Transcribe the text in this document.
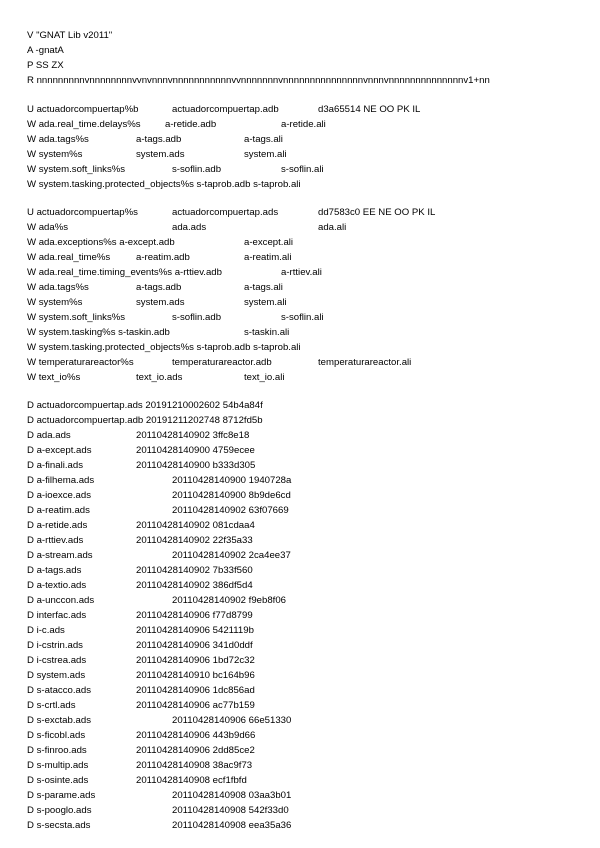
V "GNAT Lib v2011"
A -gnatA
P SS ZX
R nnnnnnnnnvnnnnnnnnvvnvnnnvnnnnnnnnnnnvvnnnnnnnvnnnnnnnnnnnnnnnvnnnvnnnnnnnnnnnnnnv1+nn
U actuadorcompuertap%b	actuadorcompuertap.adb	d3a65514 NE OO PK IL
W ada.real_time.delays%s	a-retide.adb	a-retide.ali
W ada.tags%s	a-tags.adb	a-tags.ali
W system%s	system.ads	system.ali
W system.soft_links%s	s-soflin.adb	s-soflin.ali
W system.tasking.protected_objects%s s-taprob.adb s-taprob.ali
U actuadorcompuertap%s	actuadorcompuertap.ads	dd7583c0 EE NE OO PK IL
W ada%s	ada.ads	ada.ali
W ada.exceptions%s a-except.adb	a-except.ali
W ada.real_time%s	a-reatim.adb	a-reatim.ali
W ada.real_time.timing_events%s a-rttiev.adb	a-rttiev.ali
W ada.tags%s	a-tags.adb	a-tags.ali
W system%s	system.ads	system.ali
W system.soft_links%s	s-soflin.adb	s-soflin.ali
W system.tasking%s s-taskin.adb	s-taskin.ali
W system.tasking.protected_objects%s s-taprob.adb s-taprob.ali
W temperaturareactor%s	temperaturareactor.adb	temperaturareactor.ali
W text_io%s	text_io.ads	text_io.ali
D actuadorcompuertap.ads 20191210002602 54b4a84f
D actuadorcompuertap.adb 20191211202748 8712fd5b
D ada.ads	20110428140902 3ffc8e18
D a-except.ads	20110428140900 4759ecee
D a-finali.ads	20110428140900 b333d305
D a-filhema.ads	20110428140900 1940728a
D a-ioexce.ads	20110428140900 8b9de6cd
D a-reatim.ads	20110428140902 63f07669
D a-retide.ads	20110428140902 081cdaa4
D a-rttiev.ads	20110428140902 22f35a33
D a-stream.ads	20110428140902 2ca4ee37
D a-tags.ads	20110428140902 7b33f560
D a-textio.ads	20110428140902 386df5d4
D a-unccon.ads	20110428140902 f9eb8f06
D interfac.ads	20110428140906 f77d8799
D i-c.ads	20110428140906 5421119b
D i-cstrin.ads	20110428140906 341d0ddf
D i-cstrea.ads	20110428140906 1bd72c32
D system.ads	20110428140910 bc164b96
D s-atacco.ads	20110428140906 1dc856ad
D s-crtl.ads	20110428140906 ac77b159
D s-exctab.ads	20110428140906 66e51330
D s-ficobl.ads	20110428140906 443b9d66
D s-finroo.ads	20110428140906 2dd85ce2
D s-multip.ads	20110428140908 38ac9f73
D s-osinte.ads	20110428140908 ecf1fbfd
D s-parame.ads	20110428140908 03aa3b01
D s-pooglo.ads	20110428140908 542f33d0
D s-secsta.ads	20110428140908 eea35a36
